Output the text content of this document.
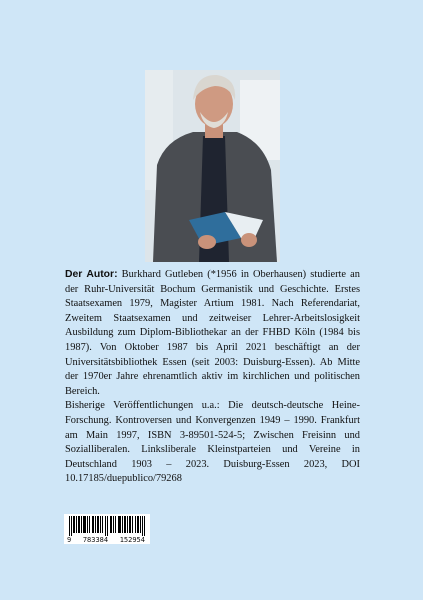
Der Autor: Burkhard Gutleben (*1956 in Oberhausen) studierte an der Ruhr-Universität Bochum Germanistik und Geschichte. Erstes Staatsexamen 1979, Magister Artium 1981. Nach Referendariat, Zweitem Staatsexamen und zeitweiser Lehrer-Arbeitslosigkeit Ausbildung zum Diplom-Bibliothekar an der FHBD Köln (1984 bis 1987). Von Oktober 1987 bis April 2021 beschäftigt an der Universitätsbibliothek Essen (seit 2003: Duisburg-Essen). Ab Mitte der 1970er Jahre ehrenamtlich aktiv im kirchlichen und politischen Bereich.

Bisherige Veröffentlichungen u.a.: Die deutsch-deutsche Heine-Forschung. Kontroversen und Konvergenzen 1949 – 1990. Frankfurt am Main 1997, ISBN 3-89501-524-5; Zwischen Freisinn und Sozialliberalen. Linksliberale Kleinstparteien und Vereine in Deutschland 1903 – 2023. Duisburg-Essen 2023, DOI 10.17185/duepublico/79268

9 783384 152954
